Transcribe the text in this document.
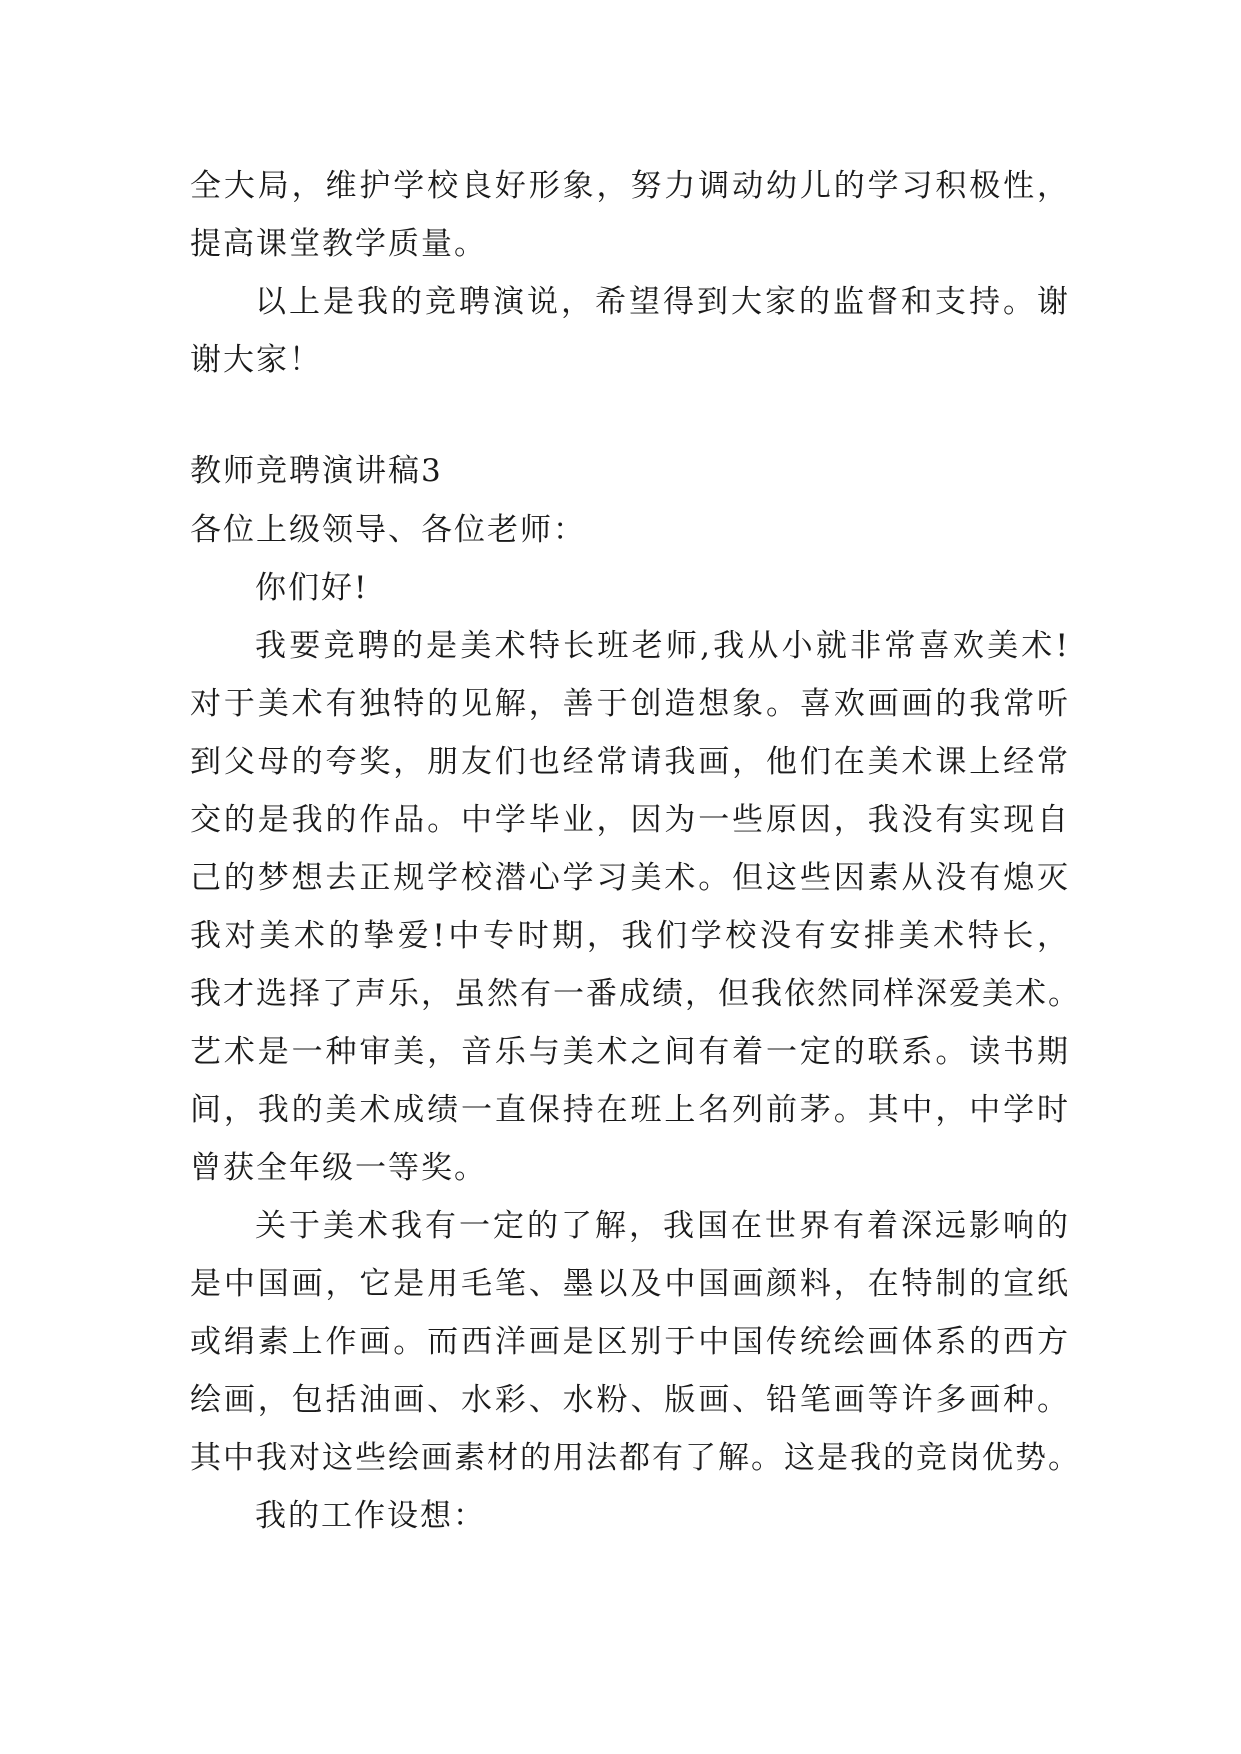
全大局，维护学校良好形象，努力调动幼儿的学习积极性，
提高课堂教学质量。
以上是我的竞聘演说，希望得到大家的监督和支持。谢
谢大家！
教师竞聘演讲稿3
各位上级领导、各位老师：
你们好!
我要竞聘的是美术特长班老师,我从小就非常喜欢美术!
对于美术有独特的见解，善于创造想象。喜欢画画的我常听
到父母的夸奖，朋友们也经常请我画，他们在美术课上经常
交的是我的作品。中学毕业，因为一些原因，我没有实现自
己的梦想去正规学校潜心学习美术。但这些因素从没有熄灭
我对美术的挚爱!中专时期，我们学校没有安排美术特长，
我才选择了声乐，虽然有一番成绩，但我依然同样深爱美术。
艺术是一种审美，音乐与美术之间有着一定的联系。读书期
间，我的美术成绩一直保持在班上名列前茅。其中，中学时
曾获全年级一等奖。
关于美术我有一定的了解，我国在世界有着深远影响的
是中国画，它是用毛笔、墨以及中国画颜料，在特制的宣纸
或绢素上作画。而西洋画是区别于中国传统绘画体系的西方
绘画，包括油画、水彩、水粉、版画、铅笔画等许多画种。
其中我对这些绘画素材的用法都有了解。这是我的竞岗优势。
我的工作设想：
